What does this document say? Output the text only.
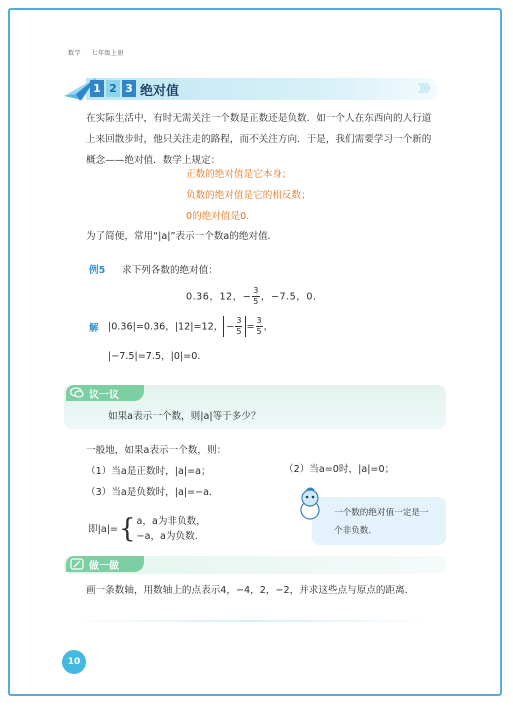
数学 七年级上册
1 2 3 绝对值	》》》
在实际生活中，有时无需关注一个数是正数还是负数．如一个人在东西向的人行道上来回散步时，他只关注走的路程，而不关注方向．于是，我们需要学习一个新的概念——绝对值．数学上规定：
正数的绝对值是它本身；
负数的绝对值是它的相反数；
0的绝对值是0．
为了简便，常用“|a|”表示一个数a的绝对值．
例5 求下列各数的绝对值：
0.36，12，− $\frac{3}{5}$ ，−7.5，0．
解 |0.36|=0.36，|12|=12， − $\frac{3}{5} = \frac{3}{5}$ ，
|−7.5|=7.5，|0|=0．
议一议
如果a表示一个数，则|a|等于多少？
一般地，如果a表示一个数，则：
（1）当a是正数时，|a|=a；
（3）当a是负数时，|a|=−a．
（2）当a=0时，|a|=0；
即|a|={ a，a为非负数，
−a，a为负数．
一个数的绝对值一定是一个非负数．
做一做
画一条数轴，用数轴上的点表示4，−4，2，−2，并求这些点与原点的距离．
10
